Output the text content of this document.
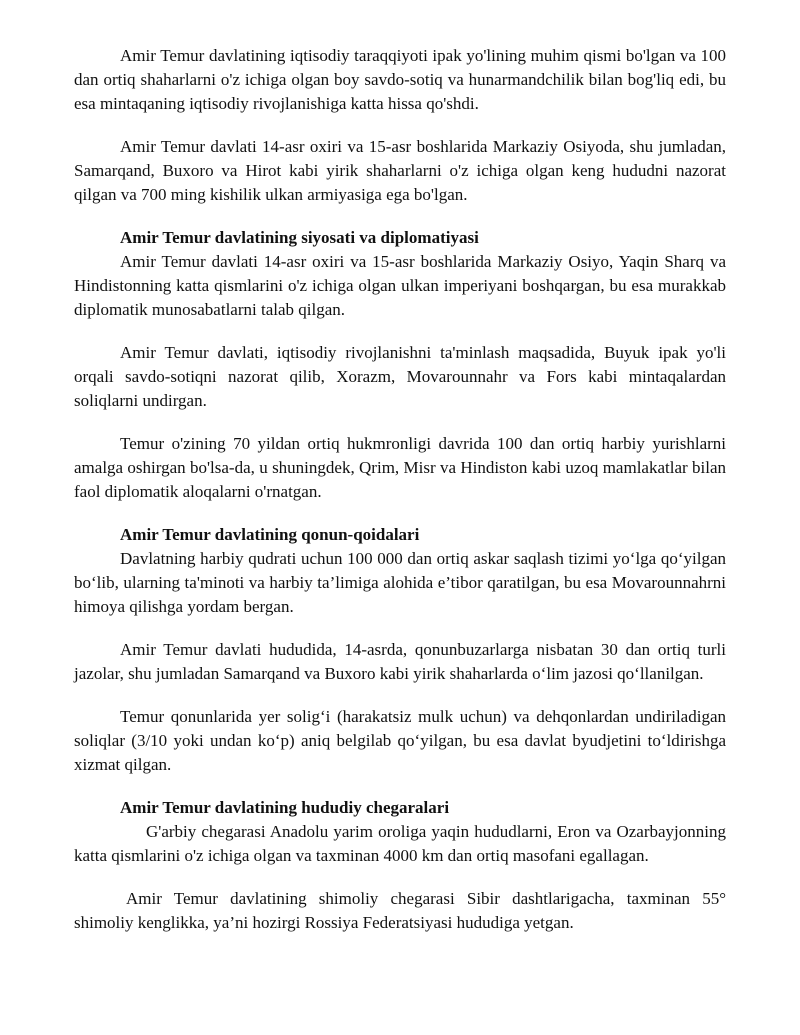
Amir Temur davlatining iqtisodiy taraqqiyoti ipak yo'lining muhim qismi bo'lgan va 100 dan ortiq shaharlarni o'z ichiga olgan boy savdo-sotiq va hunarmandchilik bilan bog'liq edi, bu esa mintaqaning iqtisodiy rivojlanishiga katta hissa qo'shdi.

Amir Temur davlati 14-asr oxiri va 15-asr boshlarida Markaziy Osiyoda, shu jumladan, Samarqand, Buxoro va Hirot kabi yirik shaharlarni o'z ichiga olgan keng hududni nazorat qilgan va 700 ming kishilik ulkan armiyasiga ega bo'lgan.

Amir Temur davlatining siyosati va diplomatiyasi

Amir Temur davlati 14-asr oxiri va 15-asr boshlarida Markaziy Osiyo, Yaqin Sharq va Hindistonning katta qismlarini o'z ichiga olgan ulkan imperiyani boshqargan, bu esa murakkab diplomatik munosabatlarni talab qilgan.

Amir Temur davlati, iqtisodiy rivojlanishni ta'minlash maqsadida, Buyuk ipak yo'li orqali savdo-sotiqni nazorat qilib, Xorazm, Movarounnahr va Fors kabi mintaqalardan soliqlarni undirgan.

Temur o'zining 70 yildan ortiq hukmronligi davrida 100 dan ortiq harbiy yurishlarni amalga oshirgan bo'lsa-da, u shuningdek, Qrim, Misr va Hindiston kabi uzoq mamlakatlar bilan faol diplomatik aloqalarni o'rnatgan.

Amir Temur davlatining qonun-qoidalari

Davlatning harbiy qudrati uchun 100 000 dan ortiq askar saqlash tizimi yo‘lga qo‘yilgan bo‘lib, ularning ta'minoti va harbiy ta’limiga alohida e’tibor qaratilgan, bu esa Movarounnahrni himoya qilishga yordam bergan.

Amir Temur davlati hududida, 14-asrda, qonunbuzarlarga nisbatan 30 dan ortiq turli jazolar, shu jumladan Samarqand va Buxoro kabi yirik shaharlarda o‘lim jazosi qo‘llanilgan.

Temur qonunlarida yer solig‘i (harakatsiz mulk uchun) va dehqonlardan undiriladigan soliqlar (3/10 yoki undan ko‘p) aniq belgilab qo‘yilgan, bu esa davlat byudjetini to‘ldirishga xizmat qilgan.

Amir Temur davlatining hududiy chegaralari

G'arbiy chegarasi Anadolu yarim oroliga yaqin hududlarni, Eron va Ozarbayjonning katta qismlarini o'z ichiga olgan va taxminan 4000 km dan ortiq masofani egallagan.

Amir Temur davlatining shimoliy chegarasi Sibir dashtlarigacha, taxminan 55° shimoliy kenglikka, ya’ni hozirgi Rossiya Federatsiyasi hududiga yetgan.
